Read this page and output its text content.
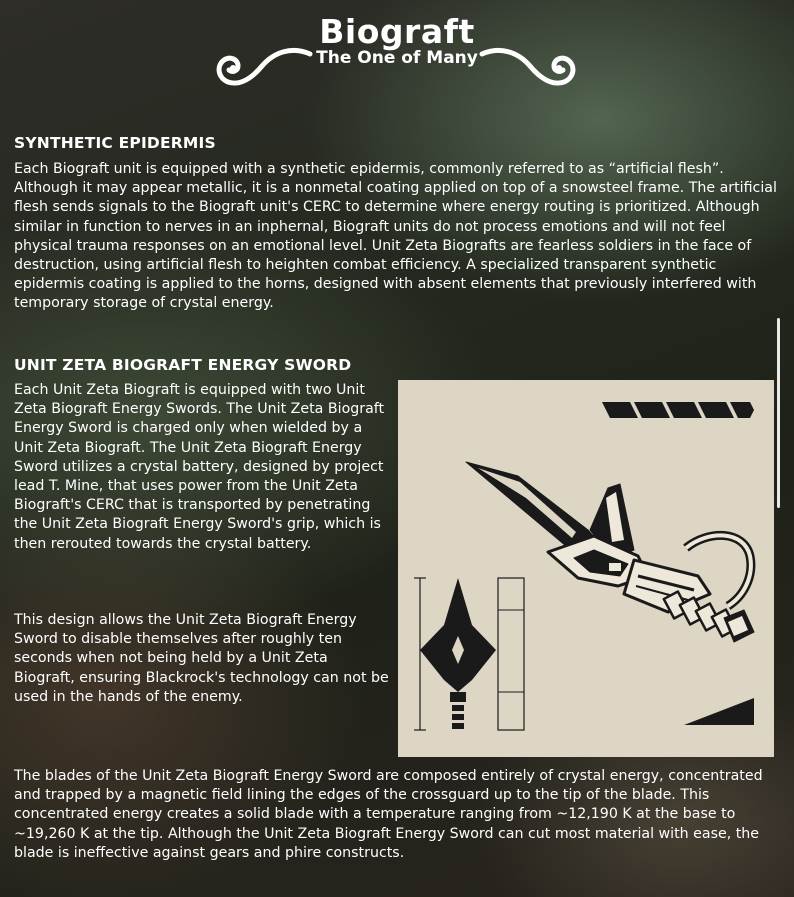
Biograft
The One of Many
SYNTHETIC EPIDERMIS

Each Biograft unit is equipped with a synthetic epidermis, commonly referred to as “artificial flesh”. Although it may appear metallic, it is a nonmetal coating applied on top of a snowsteel frame. The artificial flesh sends signals to the Biograft unit's CERC to determine where energy routing is prioritized. Although similar in function to nerves in an inphernal, Biograft units do not process emotions and will not feel physical trauma responses on an emotional level. Unit Zeta Biografts are fearless soldiers in the face of destruction, using artificial flesh to heighten combat efficiency. A specialized transparent synthetic epidermis coating is applied to the horns, designed with absent elements that previously interfered with temporary storage of crystal energy.

UNIT ZETA BIOGRAFT ENERGY SWORD

Each Unit Zeta Biograft is equipped with two Unit Zeta Biograft Energy Swords. The Unit Zeta Biograft Energy Sword is charged only when wielded by a Unit Zeta Biograft. The Unit Zeta Biograft Energy Sword utilizes a crystal battery, designed by project lead T. Mine, that uses power from the Unit Zeta Biograft's CERC that is transported by penetrating the Unit Zeta Biograft Energy Sword's grip, which is then rerouted towards the crystal battery.

This design allows the Unit Zeta Biograft Energy Sword to disable themselves after roughly ten seconds when not being held by a Unit Zeta Biograft, ensuring Blackrock's technology can not be used in the hands of the enemy.

The blades of the Unit Zeta Biograft Energy Sword are composed entirely of crystal energy, concentrated and trapped by a magnetic field lining the edges of the crossguard up to the tip of the blade. This concentrated energy creates a solid blade with a temperature ranging from ~12,190 K at the base to ~19,260 K at the tip. Although the Unit Zeta Biograft Energy Sword can cut most material with ease, the blade is ineffective against gears and phire constructs.
